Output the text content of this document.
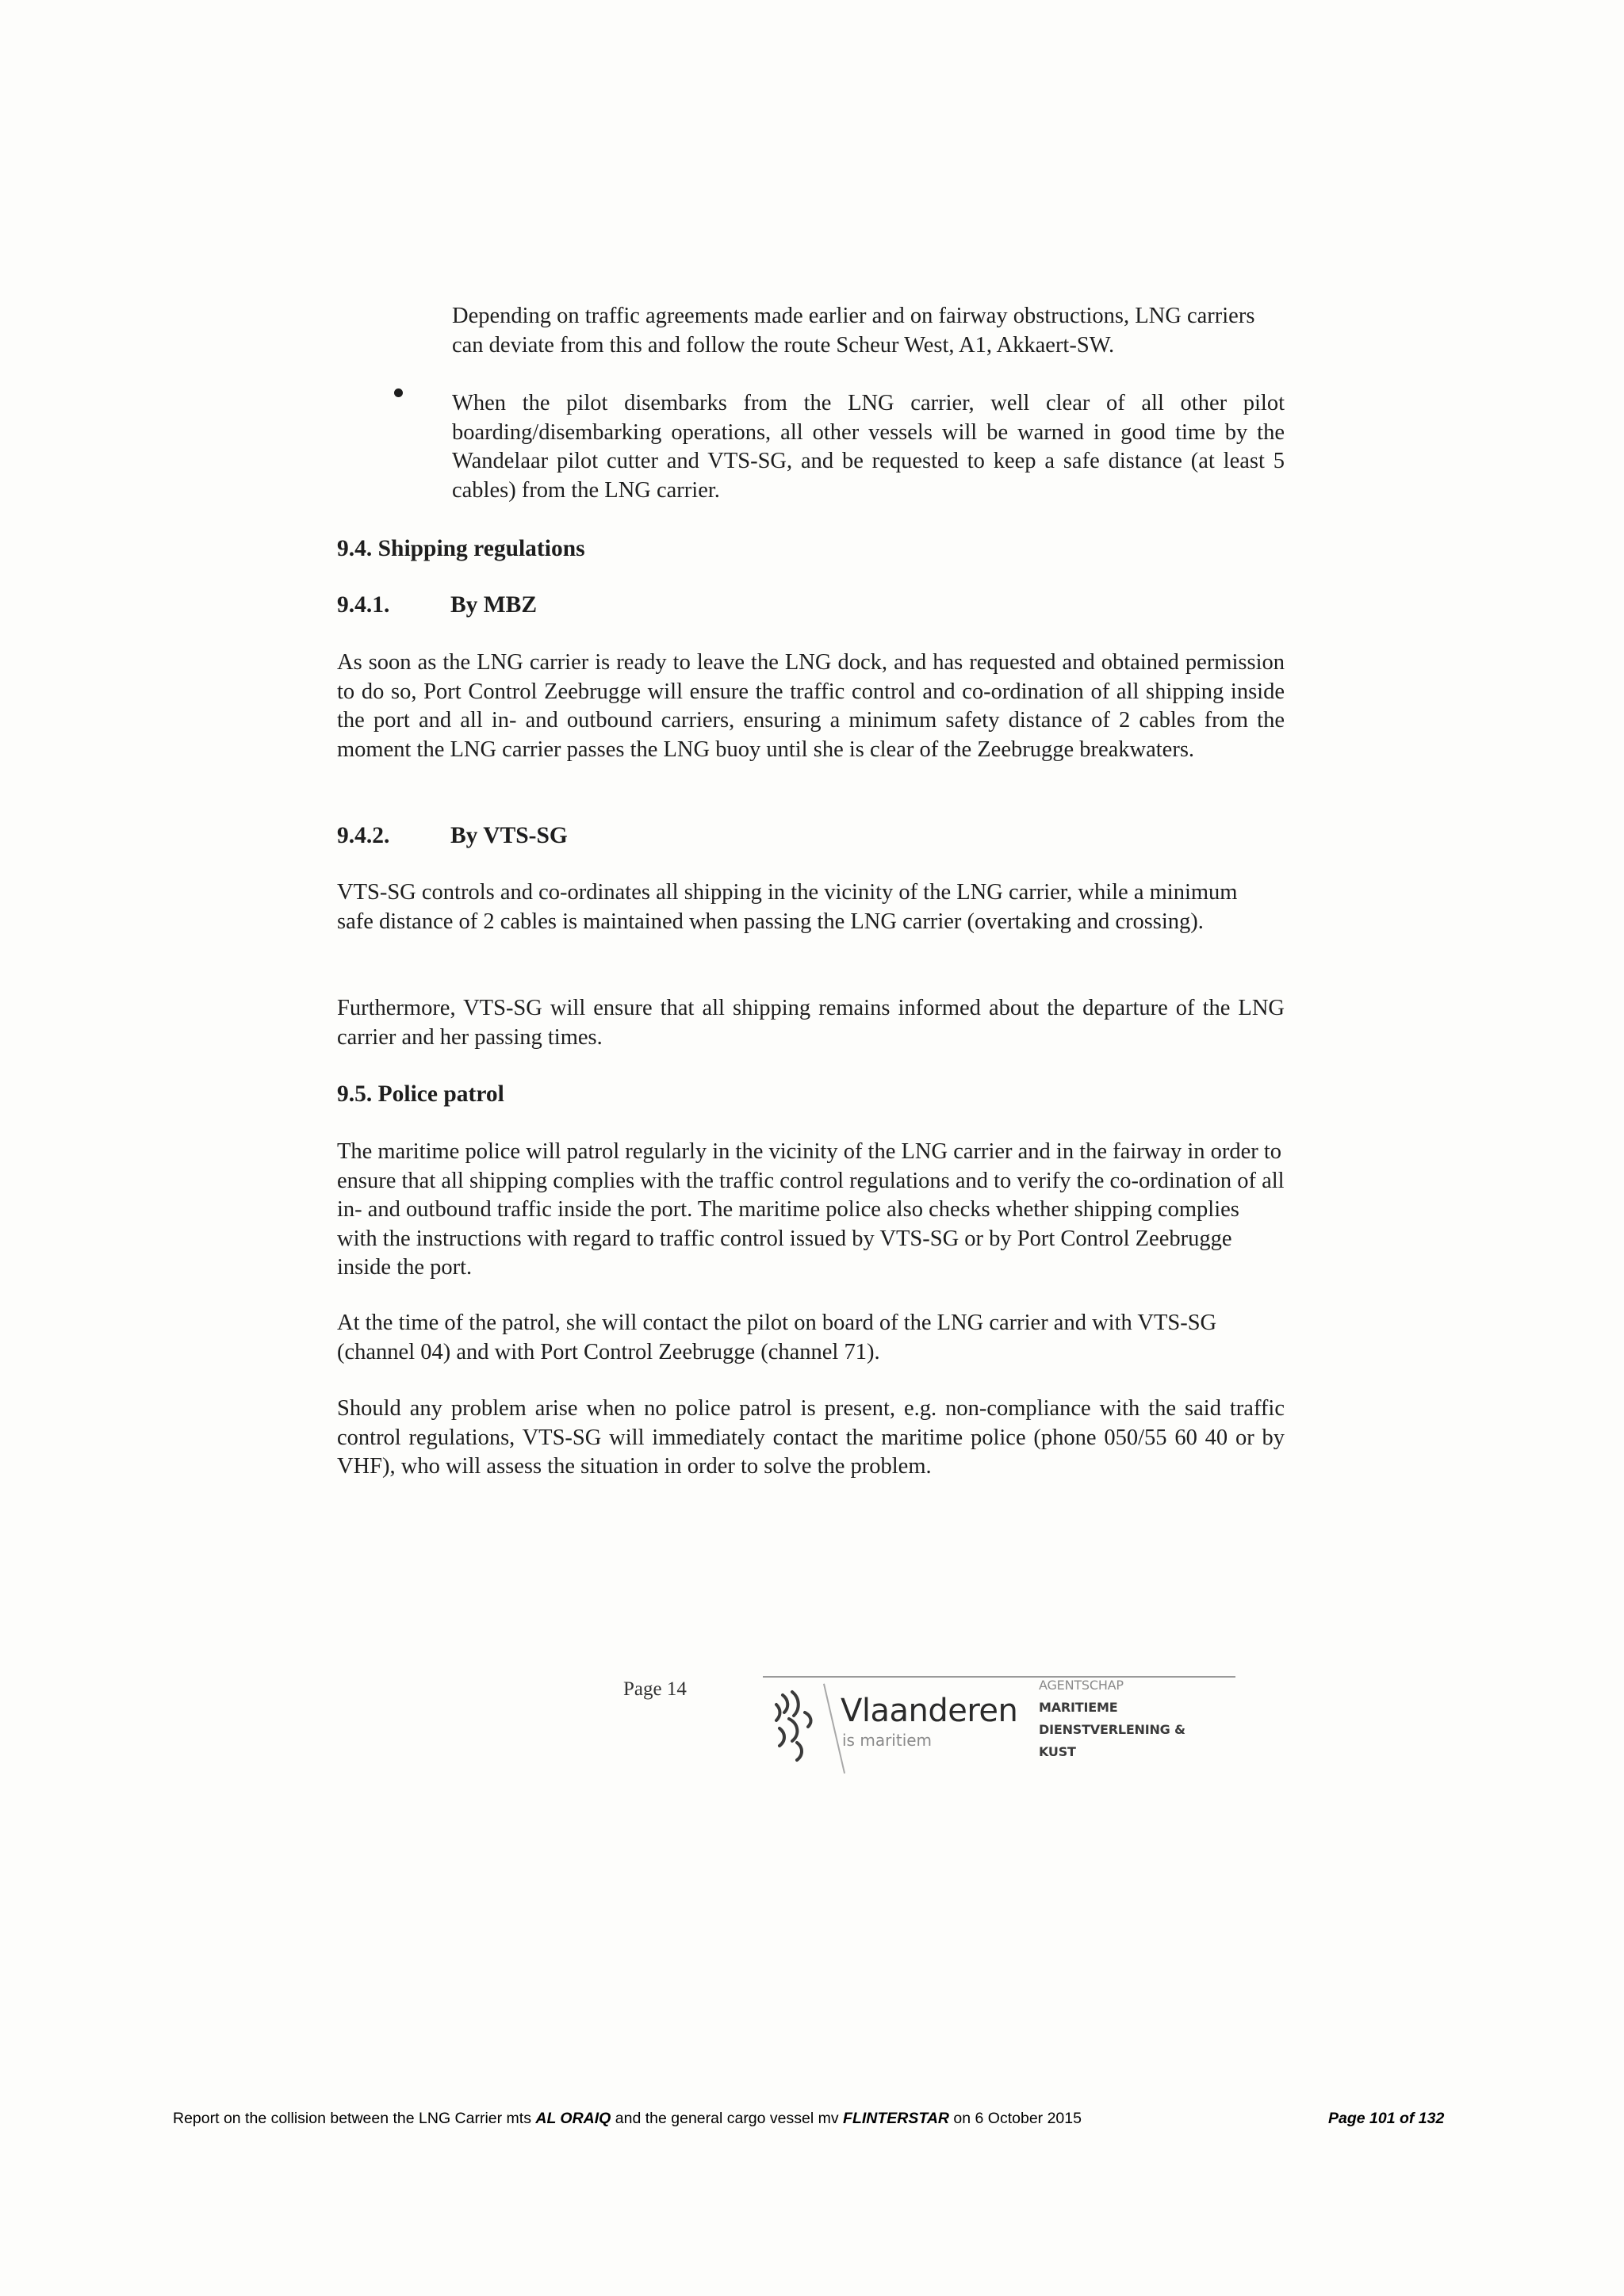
Depending on traffic agreements made earlier and on fairway obstructions, LNG carriers can deviate from this and follow the route Scheur West, A1, Akkaert-SW.

When the pilot disembarks from the LNG carrier, well clear of all other pilot boarding/disembarking operations, all other vessels will be warned in good time by the Wandelaar pilot cutter and VTS-SG, and be requested to keep a safe distance (at least 5 cables) from the LNG carrier.

9.4. Shipping regulations
9.4.1.	By MBZ

As soon as the LNG carrier is ready to leave the LNG dock, and has requested and obtained permission to do so, Port Control Zeebrugge will ensure the traffic control and co-ordination of all shipping inside the port and all in- and outbound carriers, ensuring a minimum safety distance of 2 cables from the moment the LNG carrier passes the LNG buoy until she is clear of the Zeebrugge breakwaters.

9.4.2.	By VTS-SG

VTS-SG controls and co-ordinates all shipping in the vicinity of the LNG carrier, while a minimum safe distance of 2 cables is maintained when passing the LNG carrier (overtaking and crossing).

Furthermore, VTS-SG will ensure that all shipping remains informed about the departure of the LNG carrier and her passing times.

9.5. Police patrol

The maritime police will patrol regularly in the vicinity of the LNG carrier and in the fairway in order to ensure that all shipping complies with the traffic control regulations and to verify the co-ordination of all in- and outbound traffic inside the port. The maritime police also checks whether shipping complies with the instructions with regard to traffic control issued by VTS-SG or by Port Control Zeebrugge inside the port.

At the time of the patrol, she will contact the pilot on board of the LNG carrier and with VTS-SG (channel 04) and with Port Control Zeebrugge (channel 71).

Should any problem arise when no police patrol is present, e.g. non-compliance with the said traffic control regulations, VTS-SG will immediately contact the maritime police (phone 050/55 60 40 or by VHF), who will assess the situation in order to solve the problem.

Page 14
Vlaanderen
is maritiem
AGENTSCHAP
MARITIEME
DIENSTVERLENING &
KUST
Report on the collision between the LNG Carrier mts AL ORAIQ and the general cargo vessel mv FLINTERSTAR on 6 October 2015	Page 101 of 132
